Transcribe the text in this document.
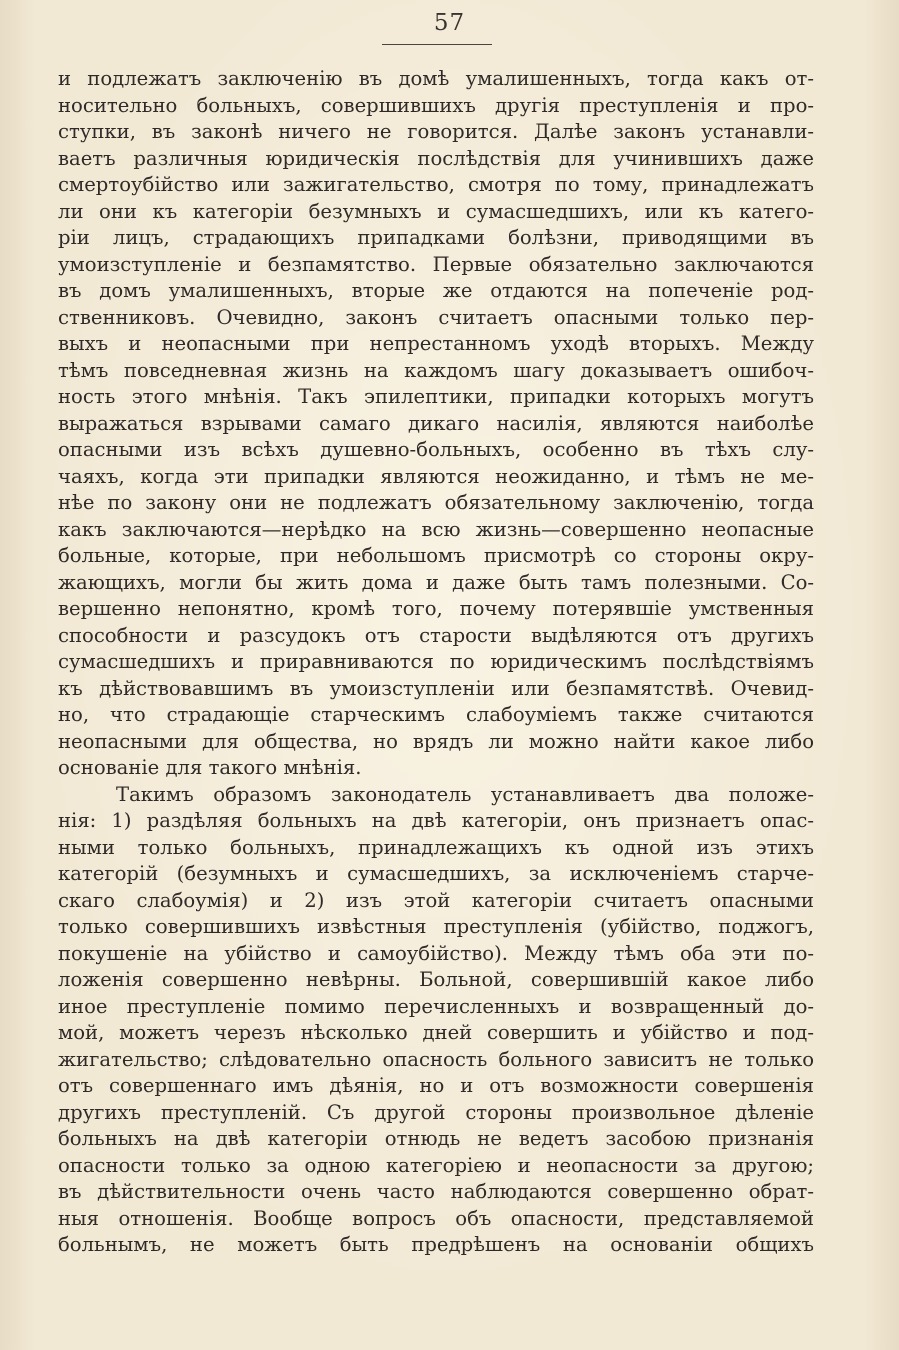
57
и подлежатъ заключенію въ домѣ умалишенныхъ, тогда какъ от-
носительно больныхъ, совершившихъ другія преступленія и про-
ступки, въ законѣ ничего не говорится. Далѣе законъ устанавли-
ваетъ различныя юридическія послѣдствія для учинившихъ даже
смертоубійство или зажигательство, смотря по тому, принадлежатъ
ли они къ категоріи безумныхъ и сумасшедшихъ, или къ катего-
ріи лицъ, страдающихъ припадками болѣзни, приводящими въ
умоизступленіе и безпамятство. Первые обязательно заключаются
въ домъ умалишенныхъ, вторые же отдаются на попеченіе род-
ственниковъ. Очевидно, законъ считаетъ опасными только пер-
выхъ и неопасными при непрестанномъ уходѣ вторыхъ. Между
тѣмъ повседневная жизнь на каждомъ шагу доказываетъ ошибоч-
ность этого мнѣнія. Такъ эпилептики, припадки которыхъ могутъ
выражаться взрывами самаго дикаго насилія, являются наиболѣе
опасными изъ всѣхъ душевно-больныхъ, особенно въ тѣхъ слу-
чаяхъ, когда эти припадки являются неожиданно, и тѣмъ не ме-
нѣе по закону они не подлежатъ обязательному заключенію, тогда
какъ заключаются—нерѣдко на всю жизнь—совершенно неопасные
больные, которые, при небольшомъ присмотрѣ со стороны окру-
жающихъ, могли бы жить дома и даже быть тамъ полезными. Со-
вершенно непонятно, кромѣ того, почему потерявшіе умственныя
способности и разсудокъ отъ старости выдѣляются отъ другихъ
сумасшедшихъ и приравниваются по юридическимъ послѣдствіямъ
къ дѣйствовавшимъ въ умоизступленіи или безпамятствѣ. Очевид-
но, что страдающіе старческимъ слабоуміемъ также считаются
неопасными для общества, но врядъ ли можно найти какое либо
основаніе для такого мнѣнія.
Такимъ образомъ законодатель устанавливаетъ два положе-
нія: 1) раздѣляя больныхъ на двѣ категоріи, онъ признаетъ опас-
ными только больныхъ, принадлежащихъ къ одной изъ этихъ
категорій (безумныхъ и сумасшедшихъ, за исключеніемъ старче-
скаго слабоумія) и 2) изъ этой категоріи считаетъ опасными
только совершившихъ извѣстныя преступленія (убійство, поджогъ,
покушеніе на убійство и самоубійство). Между тѣмъ оба эти по-
ложенія совершенно невѣрны. Больной, совершившій какое либо
иное преступленіе помимо перечисленныхъ и возвращенный до-
мой, можетъ черезъ нѣсколько дней совершить и убійство и под-
жигательство; слѣдовательно опасность больного зависитъ не только
отъ совершеннаго имъ дѣянія, но и отъ возможности совершенія
другихъ преступленій. Съ другой стороны произвольное дѣленіе
больныхъ на двѣ категоріи отнюдь не ведетъ засобою признанія
опасности только за одною категоріею и неопасности за другою;
въ дѣйствительности очень часто наблюдаются совершенно обрат-
ныя отношенія. Вообще вопросъ объ опасности, представляемой
больнымъ, не можетъ быть предрѣшенъ на основаніи общихъ
